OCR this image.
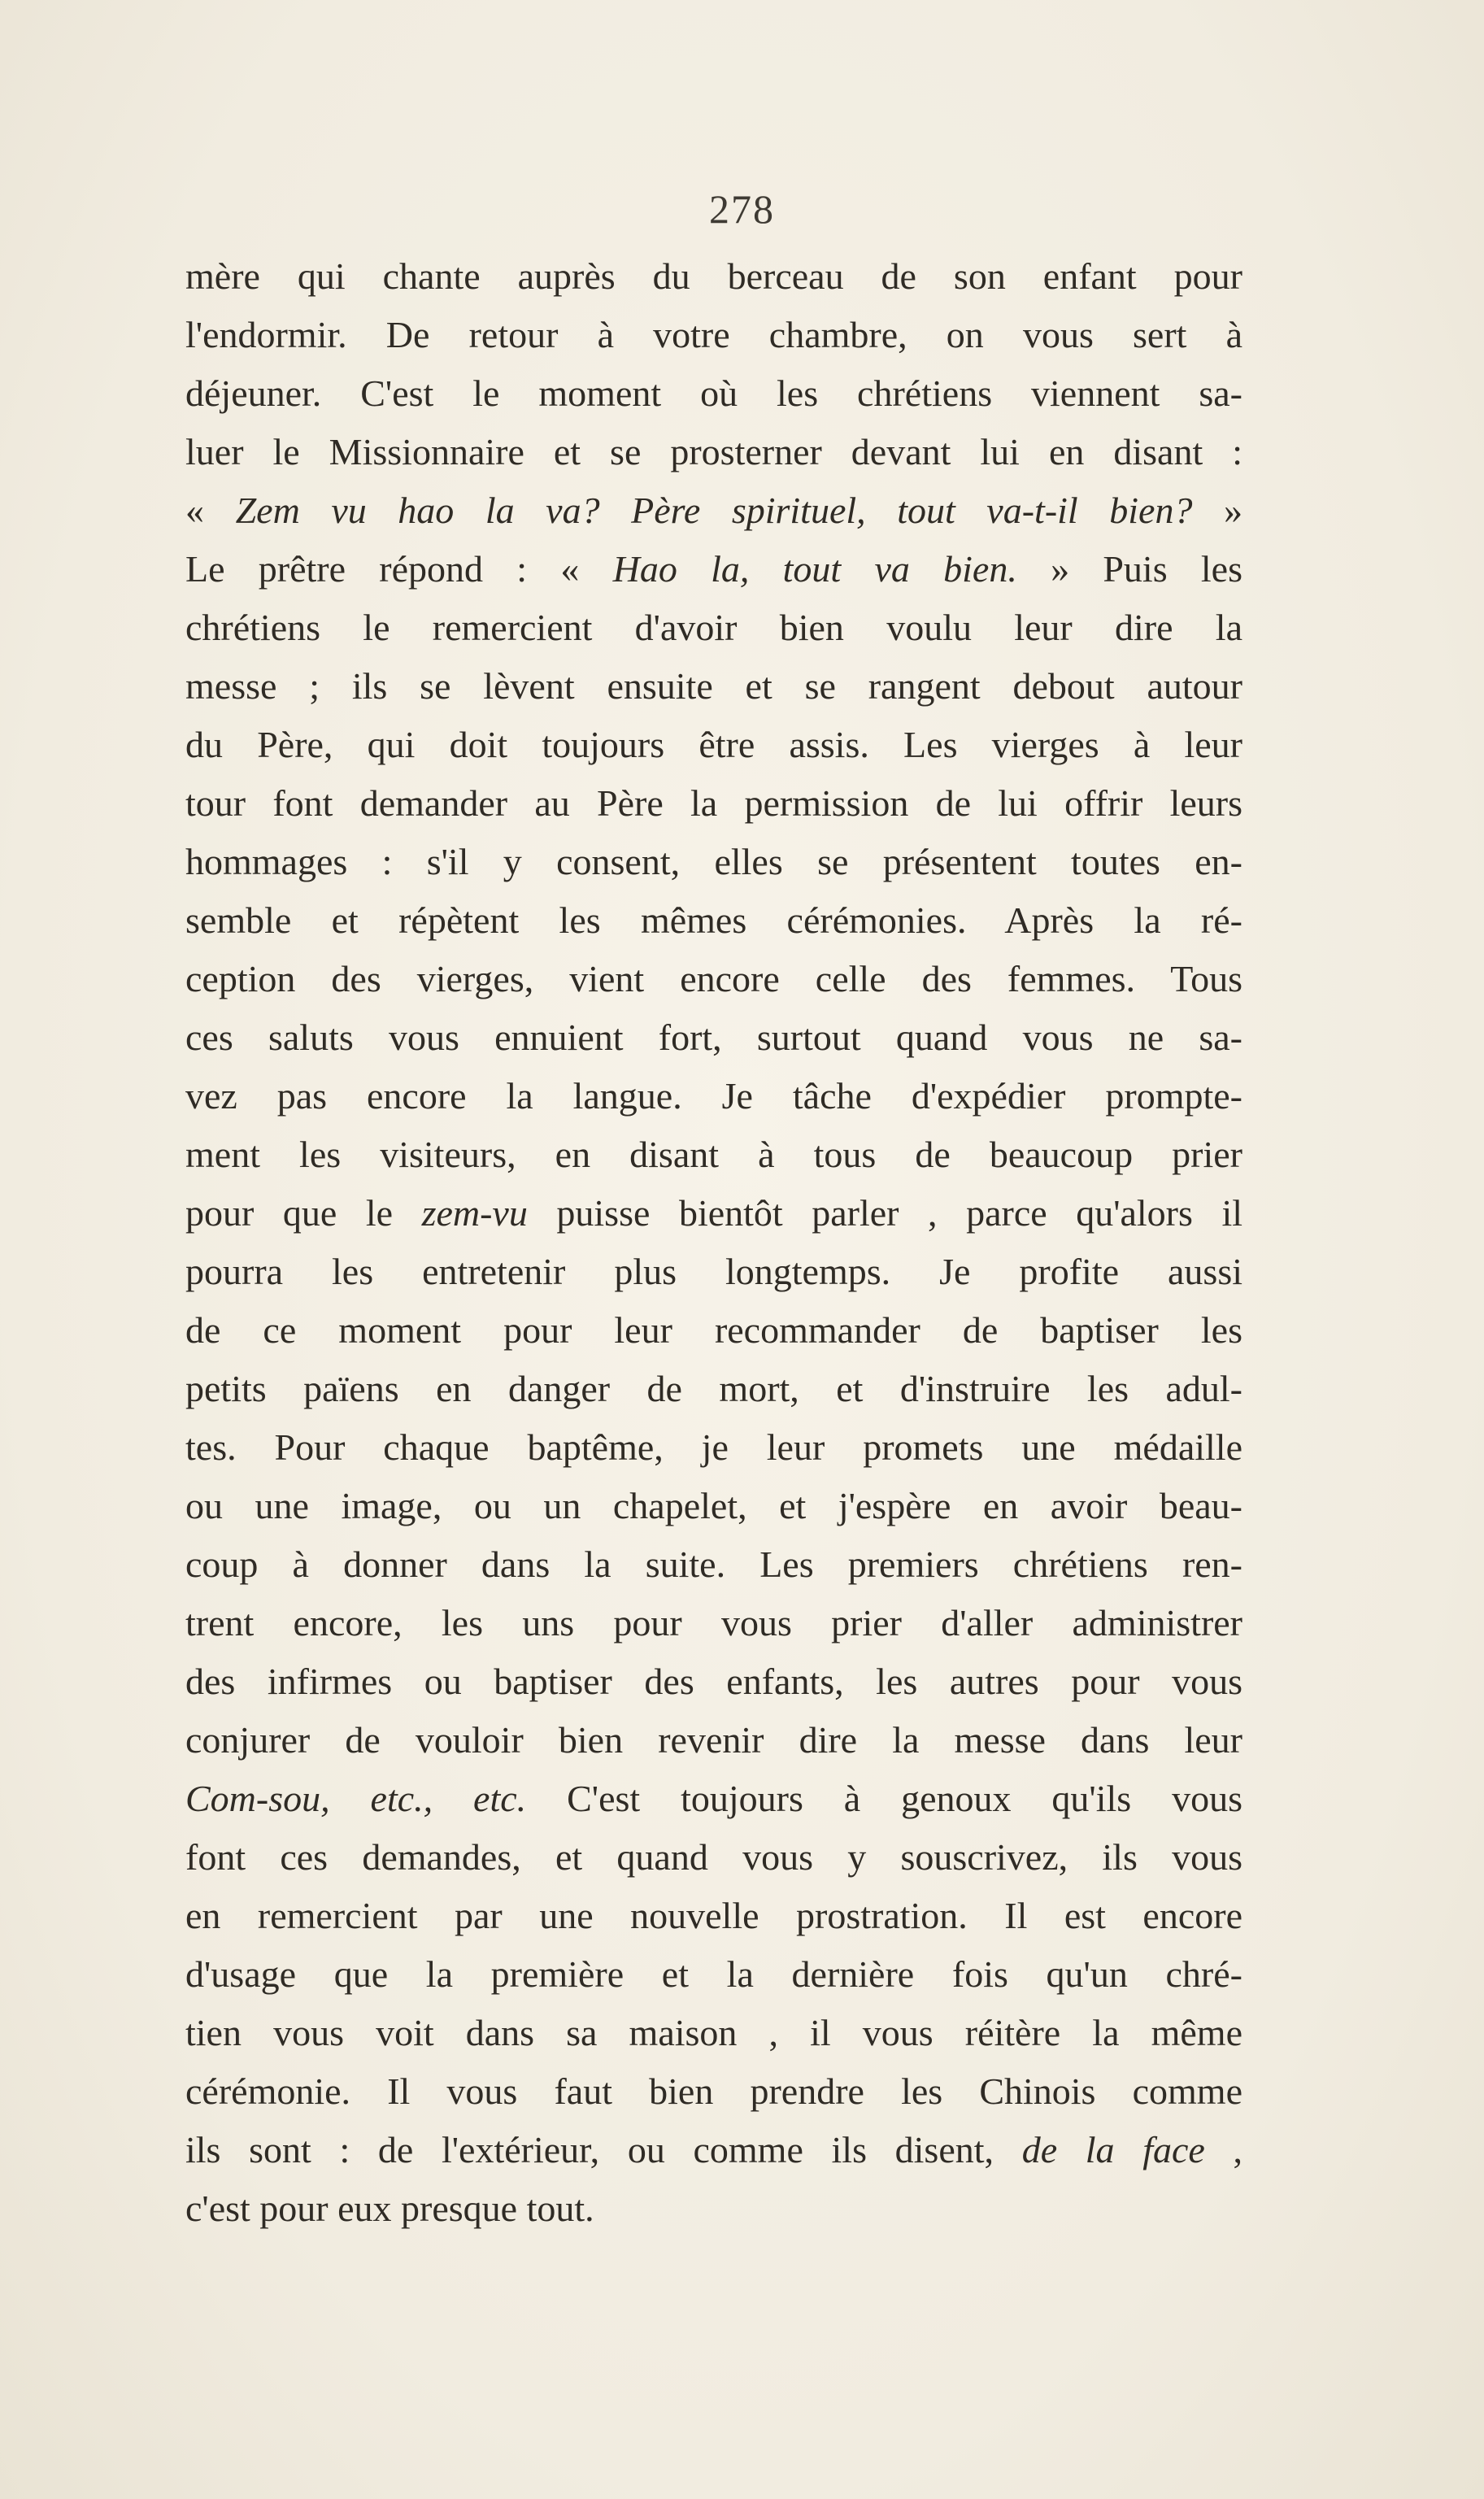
278
mère qui chante auprès du berceau de son enfant pour
l'endormir. De retour à votre chambre, on vous sert à
déjeuner. C'est le moment où les chrétiens viennent sa-
luer le Missionnaire et se prosterner devant lui en disant :
« Zem vu hao la va? Père spirituel, tout va-t-il bien? »
Le prêtre répond : « Hao la, tout va bien. » Puis les
chrétiens le remercient d'avoir bien voulu leur dire la
messe ; ils se lèvent ensuite et se rangent debout autour
du Père, qui doit toujours être assis. Les vierges à leur
tour font demander au Père la permission de lui offrir leurs
hommages : s'il y consent, elles se présentent toutes en-
semble et répètent les mêmes cérémonies. Après la ré-
ception des vierges, vient encore celle des femmes. Tous
ces saluts vous ennuient fort, surtout quand vous ne sa-
vez pas encore la langue. Je tâche d'expédier prompte-
ment les visiteurs, en disant à tous de beaucoup prier
pour que le zem-vu puisse bientôt parler , parce qu'alors il
pourra les entretenir plus longtemps. Je profite aussi
de ce moment pour leur recommander de baptiser les
petits païens en danger de mort, et d'instruire les adul-
tes. Pour chaque baptême, je leur promets une médaille
ou une image, ou un chapelet, et j'espère en avoir beau-
coup à donner dans la suite. Les premiers chrétiens ren-
trent encore, les uns pour vous prier d'aller administrer
des infirmes ou baptiser des enfants, les autres pour vous
conjurer de vouloir bien revenir dire la messe dans leur
Com-sou, etc., etc. C'est toujours à genoux qu'ils vous
font ces demandes, et quand vous y souscrivez, ils vous
en remercient par une nouvelle prostration. Il est encore
d'usage que la première et la dernière fois qu'un chré-
tien vous voit dans sa maison , il vous réitère la même
cérémonie. Il vous faut bien prendre les Chinois comme
ils sont : de l'extérieur, ou comme ils disent, de la face ,
c'est pour eux presque tout.
